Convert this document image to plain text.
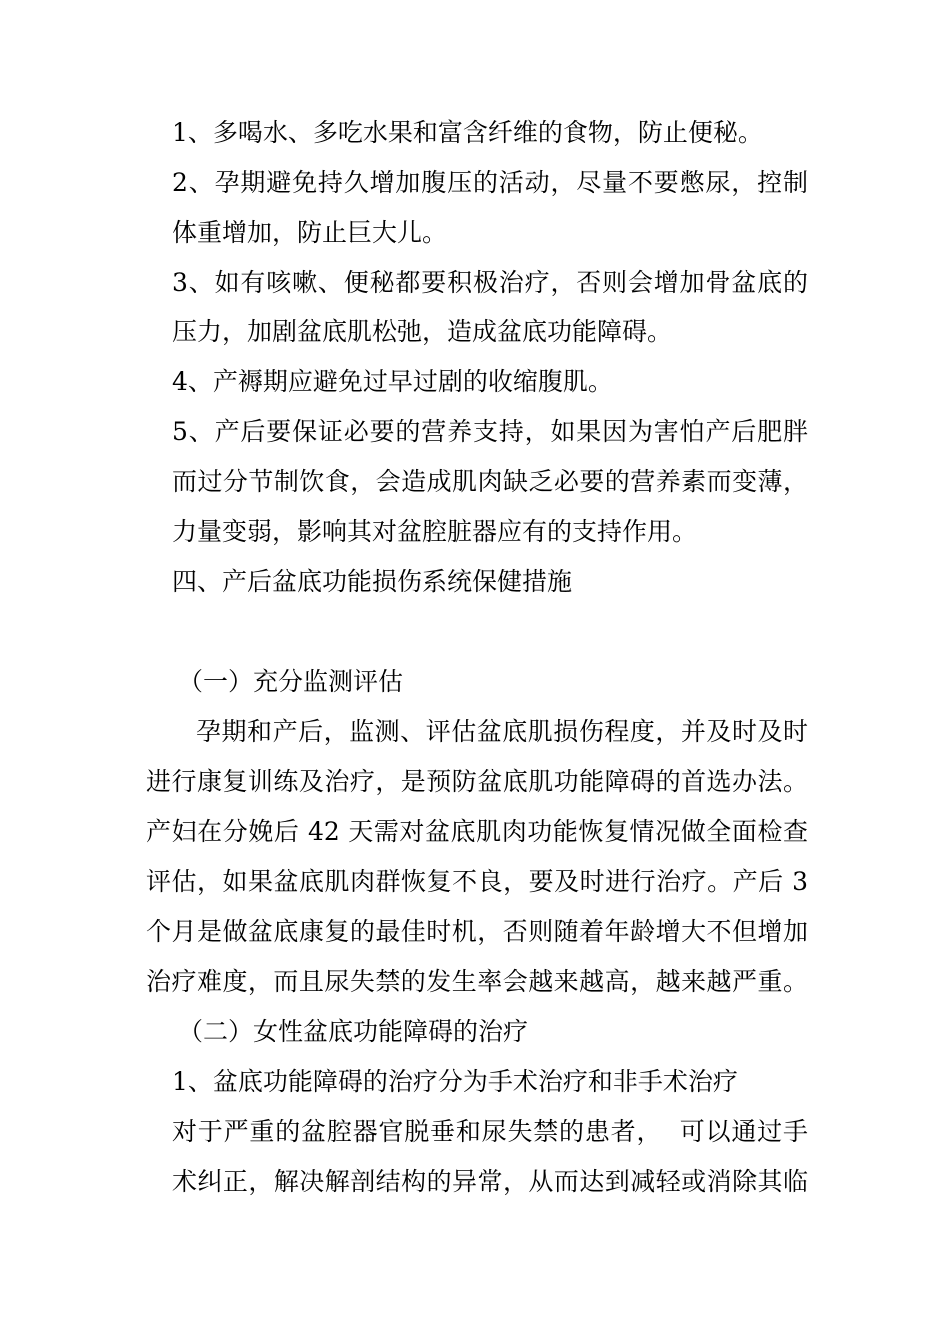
1、多喝水、多吃水果和富含纤维的食物，防止便秘。

2、孕期避免持久增加腹压的活动，尽量不要憋尿，控制

体重增加，防止巨大儿。

3、如有咳嗽、便秘都要积极治疗，否则会增加骨盆底的

压力，加剧盆底肌松弛，造成盆底功能障碍。

4、产褥期应避免过早过剧的收缩腹肌。

5、产后要保证必要的营养支持，如果因为害怕产后肥胖

而过分节制饮食，会造成肌肉缺乏必要的营养素而变薄，

力量变弱，影响其对盆腔脏器应有的支持作用。

四、产后盆底功能损伤系统保健措施

（一）充分监测评估

孕期和产后，监测、评估盆底肌损伤程度，并及时及时

进行康复训练及治疗，是预防盆底肌功能障碍的首选办法。

产妇在分娩后 42 天需对盆底肌肉功能恢复情况做全面检查

评估，如果盆底肌肉群恢复不良，要及时进行治疗。产后 3

个月是做盆底康复的最佳时机，否则随着年龄增大不但增加

治疗难度，而且尿失禁的发生率会越来越高，越来越严重。

（二）女性盆底功能障碍的治疗

1、盆底功能障碍的治疗分为手术治疗和非手术治疗

对于严重的盆腔器官脱垂和尿失禁的患者，  可以通过手

术纠正，解决解剖结构的异常，从而达到减轻或消除其临
